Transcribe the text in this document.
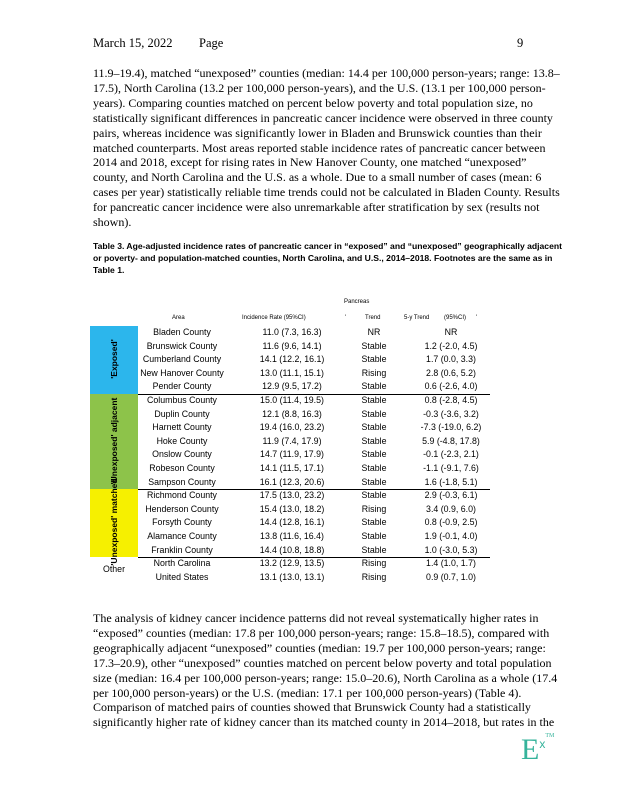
March 15, 2022 Page	9
11.9–19.4), matched “unexposed” counties (median: 14.4 per 100,000 person-years; range: 13.8–17.5), North Carolina (13.2 per 100,000 person-years), and the U.S. (13.1 per 100,000 person-years). Comparing counties matched on percent below poverty and total population size, no statistically significant differences in pancreatic cancer incidence were observed in three county pairs, whereas incidence was significantly lower in Bladen and Brunswick counties than their matched counterparts. Most areas reported stable incidence rates of pancreatic cancer between 2014 and 2018, except for rising rates in New Hanover County, one matched “unexposed” county, and North Carolina and the U.S. as a whole. Due to a small number of cases (mean: 6 cases per year) statistically reliable time trends could not be calculated in Bladen County. Results for pancreatic cancer incidence were also unremarkable after stratification by sex (results not shown).
Table 3. Age-adjusted incidence rates of pancreatic cancer in “exposed” and “unexposed” geographically adjacent or poverty- and population-matched counties, North Carolina, and U.S., 2014–2018. Footnotes are the same as in Table 1.
Pancreas
Area	Incidence Rate (95%CI)	Trend	5-y Trend (95%CI) '
'
'Exposed'
Bladen County	11.0 (7.3, 16.3)	NR	NR
Brunswick County	11.6 (9.6, 14.1)	Stable	1.2 (-2.0, 4.5)
Cumberland County	14.1 (12.2, 16.1)	Stable	1.7 (0.0, 3.3)
New Hanover County	13.0 (11.1, 15.1)	Rising	2.8 (0.6, 5.2)
Pender County	12.9 (9.5, 17.2)	Stable	0.6 (-2.6, 4.0)
'Unexposed' adjacent	Columbus County	15.0 (11.4, 19.5)	Stable	0.8 (-2.8, 4.5)
Duplin County	12.1 (8.8, 16.3)	Stable	-0.3 (-3.6, 3.2)
Harnett County	19.4 (16.0, 23.2)	Stable	-7.3 (-19.0, 6.2)
Hoke County	11.9 (7.4, 17.9)	Stable	5.9 (-4.8, 17.8)
Onslow County	14.7 (11.9, 17.9)	Stable	-0.1 (-2.3, 2.1)
Robeson County	14.1 (11.5, 17.1)	Stable	-1.1 (-9.1, 7.6)
Sampson County	16.1 (12.3, 20.6)	Stable	1.6 (-1.8, 5.1)
'Unexposed' matched	Richmond County	17.5 (13.0, 23.2)	Stable	2.9 (-0.3, 6.1)
Henderson County	15.4 (13.0, 18.2)	Rising	3.4 (0.9, 6.0)
Forsyth County	14.4 (12.8, 16.1)	Stable	0.8 (-0.9, 2.5)
Alamance County	13.8 (11.6, 16.4)	Stable	1.9 (-0.1, 4.0)
Franklin County	14.4 (10.8, 18.8)	Stable	1.0 (-3.0, 5.3)
Other
North Carolina	13.2 (12.9, 13.5)	Rising	1.4 (1.0, 1.7)
United States	13.1 (13.0, 13.1)	Rising	0.9 (0.7, 1.0)
The analysis of kidney cancer incidence patterns did not reveal systematically higher rates in “exposed” counties (median: 17.8 per 100,000 person-years; range: 15.8–18.5), compared with geographically adjacent “unexposed” counties (median: 19.7 per 100,000 person-years; range: 17.3–20.9), other “unexposed” counties matched on percent below poverty and total population size (median: 16.4 per 100,000 person-years; range: 15.0–20.6), North Carolina as a whole (17.4 per 100,000 person-years) or the U.S. (median: 17.1 per 100,000 person-years) (Table 4). Comparison of matched pairs of counties showed that Brunswick County had a statistically significantly higher rate of kidney cancer than its matched county in 2014–2018, but rates in the
$E^{xTM}$
